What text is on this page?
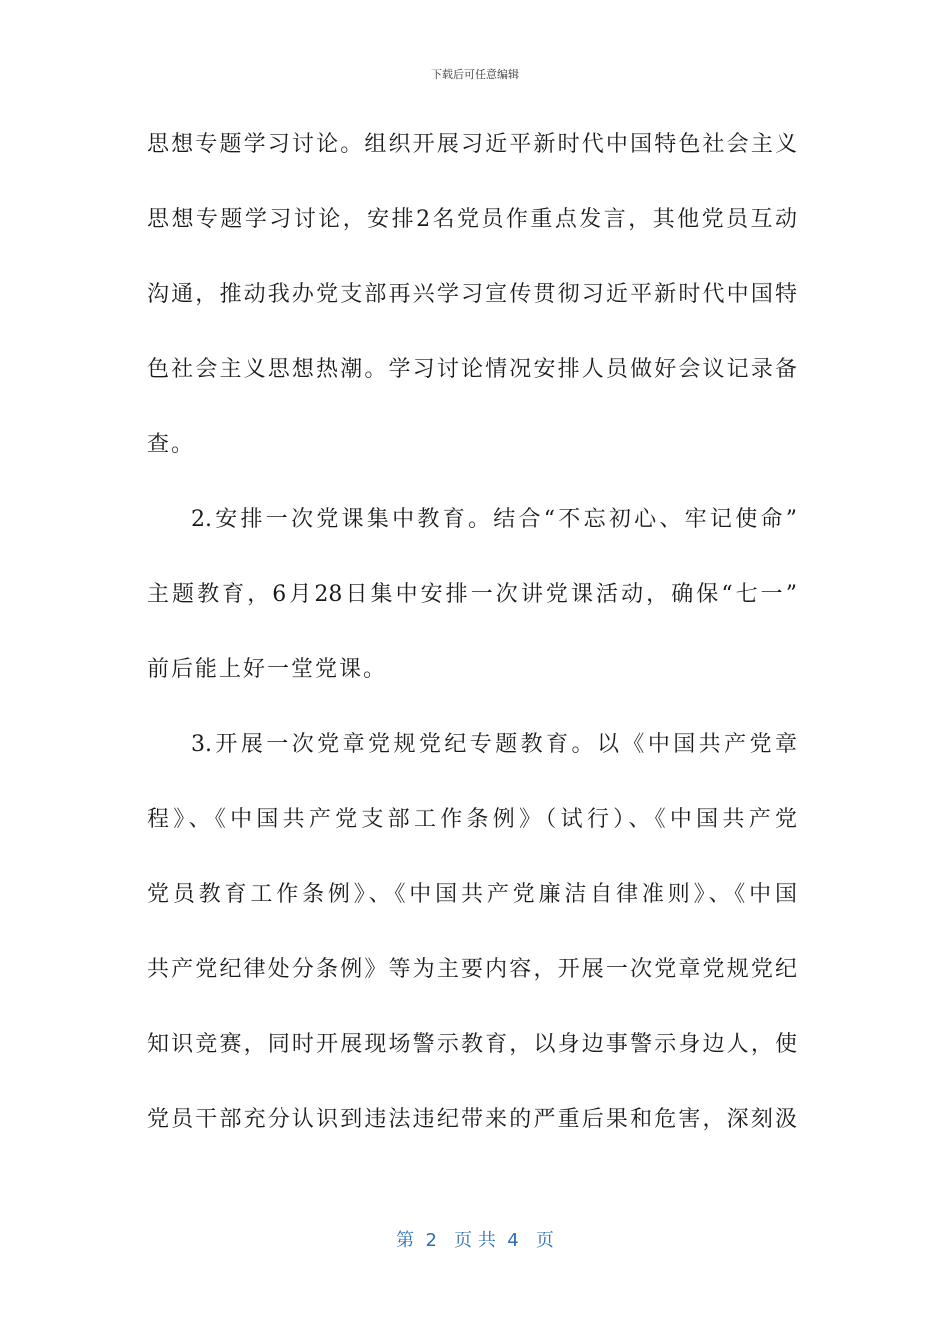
下载后可任意编辑
思想专题学习讨论。组织开展习近平新时代中国特色社会主义
思想专题学习讨论，安排2名党员作重点发言，其他党员互动
沟通，推动我办党支部再兴学习宣传贯彻习近平新时代中国特
色社会主义思想热潮。学习讨论情况安排人员做好会议记录备
查。
2.安排一次党课集中教育。结合“不忘初心、牢记使命”
主题教育，6月28日集中安排一次讲党课活动，确保“七一”
前后能上好一堂党课。
3.开展一次党章党规党纪专题教育。以《中国共产党章
程》、《中国共产党支部工作条例》（试行）、《中国共产党
党员教育工作条例》、《中国共产党廉洁自律准则》、《中国
共产党纪律处分条例》等为主要内容，开展一次党章党规党纪
知识竞赛，同时开展现场警示教育，以身边事警示身边人，使
党员干部充分认识到违法违纪带来的严重后果和危害，深刻汲
第  2   页 共  4   页
